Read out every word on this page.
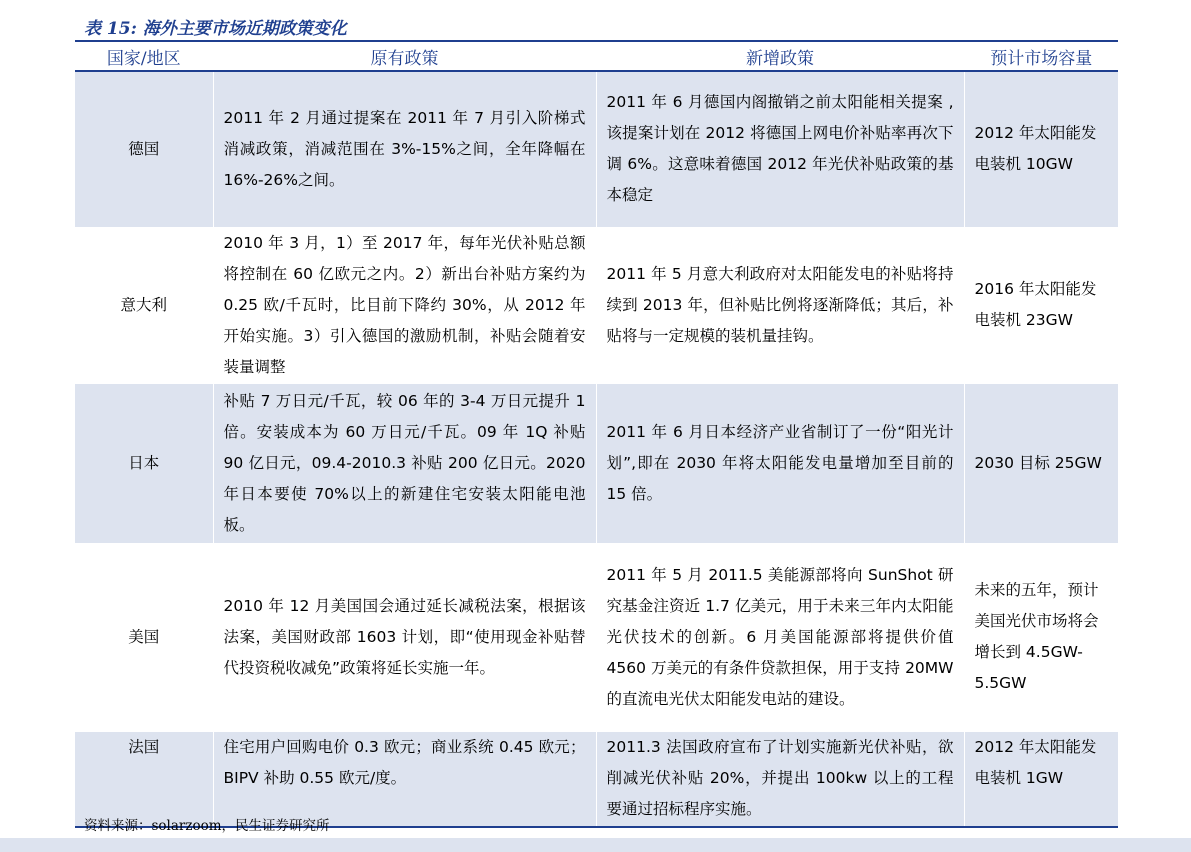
表 15: 海外主要市场近期政策变化
国家/地区	原有政策	新增政策	预计市场容量
德国	2011 年 2 月通过提案在 2011 年 7 月引入阶梯式消减政策，消减范围在 3%-15%之间，全年降幅在 16%-26%之间。	2011 年 6 月德国内阁撤销之前太阳能相关提案 ,该提案计划在 2012 将德国上网电价补贴率再次下调 6%。这意味着德国 2012 年光伏补贴政策的基本稳定	2012 年太阳能发电装机 10GW
意大利	2010 年 3 月，1）至 2017 年，每年光伏补贴总额将控制在 60 亿欧元之内。2）新出台补贴方案约为 0.25 欧/千瓦时，比目前下降约 30%，从 2012 年开始实施。3）引入德国的激励机制，补贴会随着安装量调整	2011 年 5 月意大利政府对太阳能发电的补贴将持续到 2013 年，但补贴比例将逐渐降低；其后，补贴将与一定规模的装机量挂钩。	2016 年太阳能发电装机 23GW
日本	补贴 7 万日元/千瓦，较 06 年的 3-4 万日元提升 1 倍。安装成本为 60 万日元/千瓦。09 年 1Q 补贴 90 亿日元，09.4-2010.3 补贴 200 亿日元。2020 年日本要使 70%以上的新建住宅安装太阳能电池板。	2011 年 6 月日本经济产业省制订了一份“阳光计划”,即在 2030 年将太阳能发电量增加至目前的 15 倍。	2030 目标 25GW
美国	2010 年 12 月美国国会通过延长减税法案，根据该法案，美国财政部 1603 计划，即“使用现金补贴替代投资税收减免”政策将延长实施一年。	2011 年 5 月 2011.5 美能源部将向 SunShot 研究基金注资近 1.7 亿美元，用于未来三年内太阳能光伏技术的创新。6 月美国能源部将提供价值 4560 万美元的有条件贷款担保，用于支持 20MW 的直流电光伏太阳能发电站的建设。	未来的五年，预计美国光伏市场将会增长到 4.5GW-5.5GW
法国	住宅用户回购电价 0.3 欧元；商业系统 0.45 欧元；BIPV 补助 0.55 欧元/度。	2011.3 法国政府宣布了计划实施新光伏补贴，欲削减光伏补贴 20%，并提出 100kw 以上的工程要通过招标程序实施。	2012 年太阳能发电装机 1GW
资料来源：solarzoom，民生证券研究所
